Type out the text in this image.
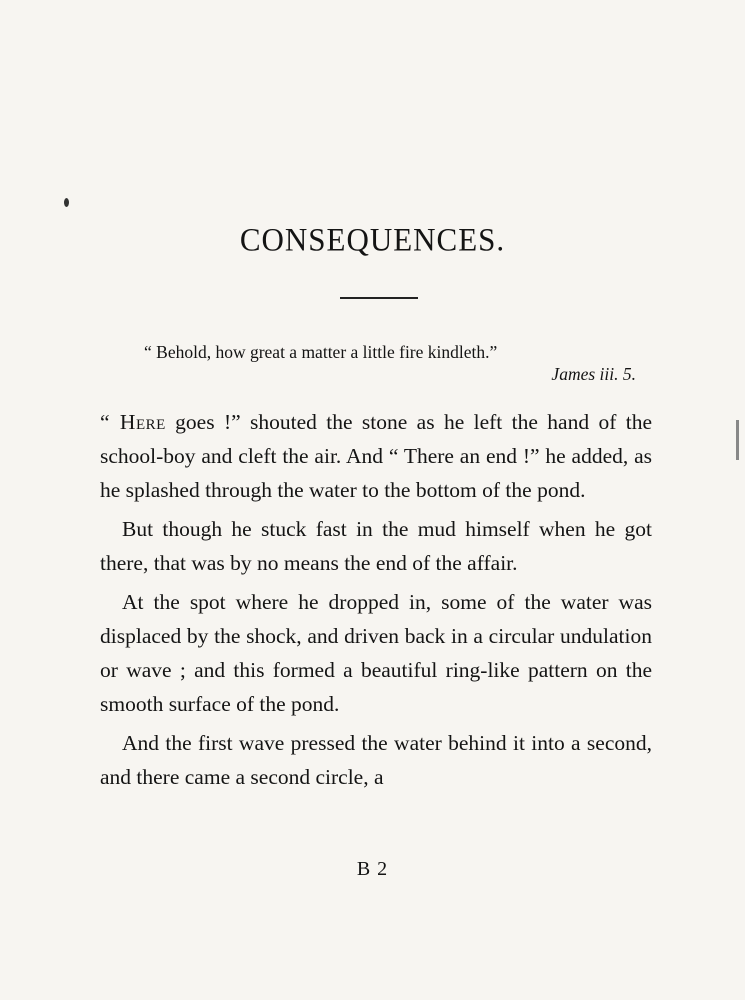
CONSEQUENCES.

“ Behold, how great a matter a little fire kindleth.”
James iii. 5.

“ Here goes !” shouted the stone as he left the hand of the school-boy and cleft the air. And “ There an end !” he added, as he splashed through the water to the bottom of the pond.

But though he stuck fast in the mud himself when he got there, that was by no means the end of the affair.

At the spot where he dropped in, some of the water was displaced by the shock, and driven back in a circular undulation or wave ; and this formed a beautiful ring-like pattern on the smooth surface of the pond.

And the first wave pressed the water behind it into a second, and there came a second circle, a

B 2
